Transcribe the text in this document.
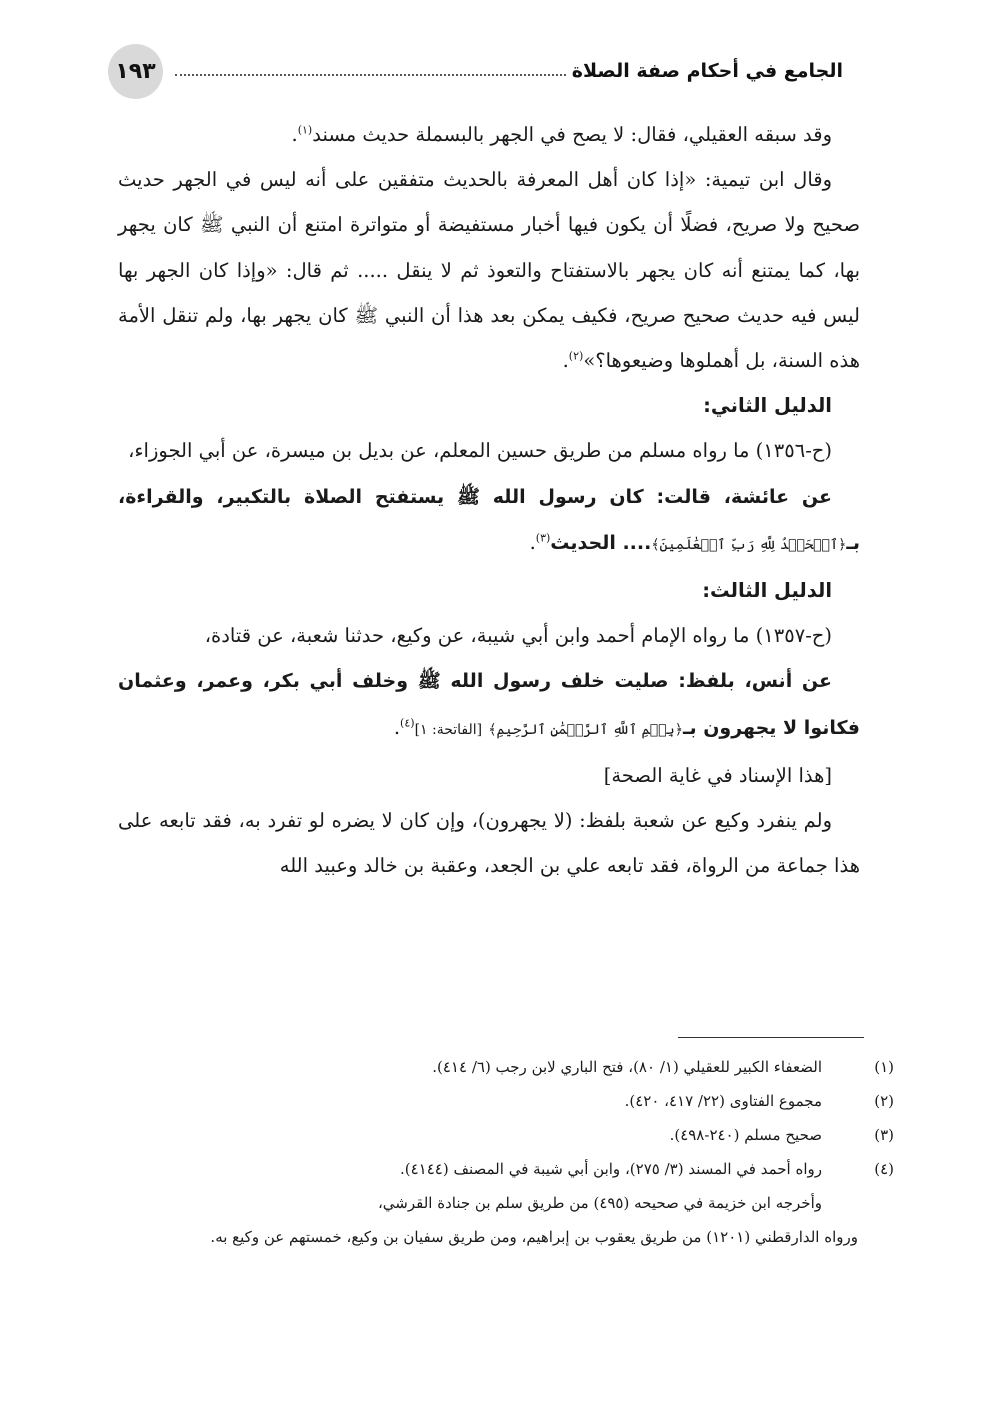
١٩٣	الجامع في أحكام صفة الصلاة

وقد سبقه العقيلي، فقال: لا يصح في الجهر بالبسملة حديث مسند$^{(١)}$.

وقال ابن تيمية: «إذا كان أهل المعرفة بالحديث متفقين على أنه ليس في الجهر حديث صحيح ولا صريح، فضلًا أن يكون فيها أخبار مستفيضة أو متواترة امتنع أن النبي ﷺ كان يجهر بها، كما يمتنع أنه كان يجهر بالاستفتاح والتعوذ ثم لا ينقل ..... ثم قال: «وإذا كان الجهر بها ليس فيه حديث صحيح صريح، فكيف يمكن بعد هذا أن النبي ﷺ كان يجهر بها، ولم تنقل الأمة هذه السنة، بل أهملوها وضيعوها؟»$^{(٢)}$.

الدليل الثاني:

(ح-١٣٥٦) ما رواه مسلم من طريق حسين المعلم، عن بديل بن ميسرة، عن أبي الجوزاء،

عن عائشة، قالت: كان رسول الله ﷺ يستفتح الصلاة بالتكبير، والقراءة، بـ﴿ٱلۡحَمۡدُ لِلَّهِ رَبِّ ٱلۡعَٰلَمِينَ﴾.... الحديث$^{(٣)}$.

الدليل الثالث:

(ح-١٣٥٧) ما رواه الإمام أحمد وابن أبي شيبة، عن وكيع، حدثنا شعبة، عن قتادة،

عن أنس، بلفظ: صليت خلف رسول الله ﷺ وخلف أبي بكر، وعمر، وعثمان فكانوا لا يجهرون بـ﴿بِسۡمِ ٱللَّهِ ٱلرَّحۡمَٰنِ ٱلرَّحِيمِ﴾ [الفاتحة: ١]$^{(٤)}$.

[هذا الإسناد في غاية الصحة]

ولم ينفرد وكيع عن شعبة بلفظ: (لا يجهرون)، وإن كان لا يضره لو تفرد به، فقد تابعه على هذا جماعة من الرواة، فقد تابعه علي بن الجعد، وعقبة بن خالد وعبيد الله

(١)الضعفاء الكبير للعقيلي (١/ ٨٠)، فتح الباري لابن رجب (٦/ ٤١٤).

(٢)مجموع الفتاوى (٢٢/ ٤١٧، ٤٢٠).

(٣)صحيح مسلم (٢٤٠-٤٩٨).

(٤)رواه أحمد في المسند (٣/ ٢٧٥)، وابن أبي شيبة في المصنف (٤١٤٤).

وأخرجه ابن خزيمة في صحيحه (٤٩٥) من طريق سلم بن جنادة القرشي،

ورواه الدارقطني (١٢٠١) من طريق يعقوب بن إبراهيم، ومن طريق سفيان بن وكيع، خمستهم عن وكيع به.
